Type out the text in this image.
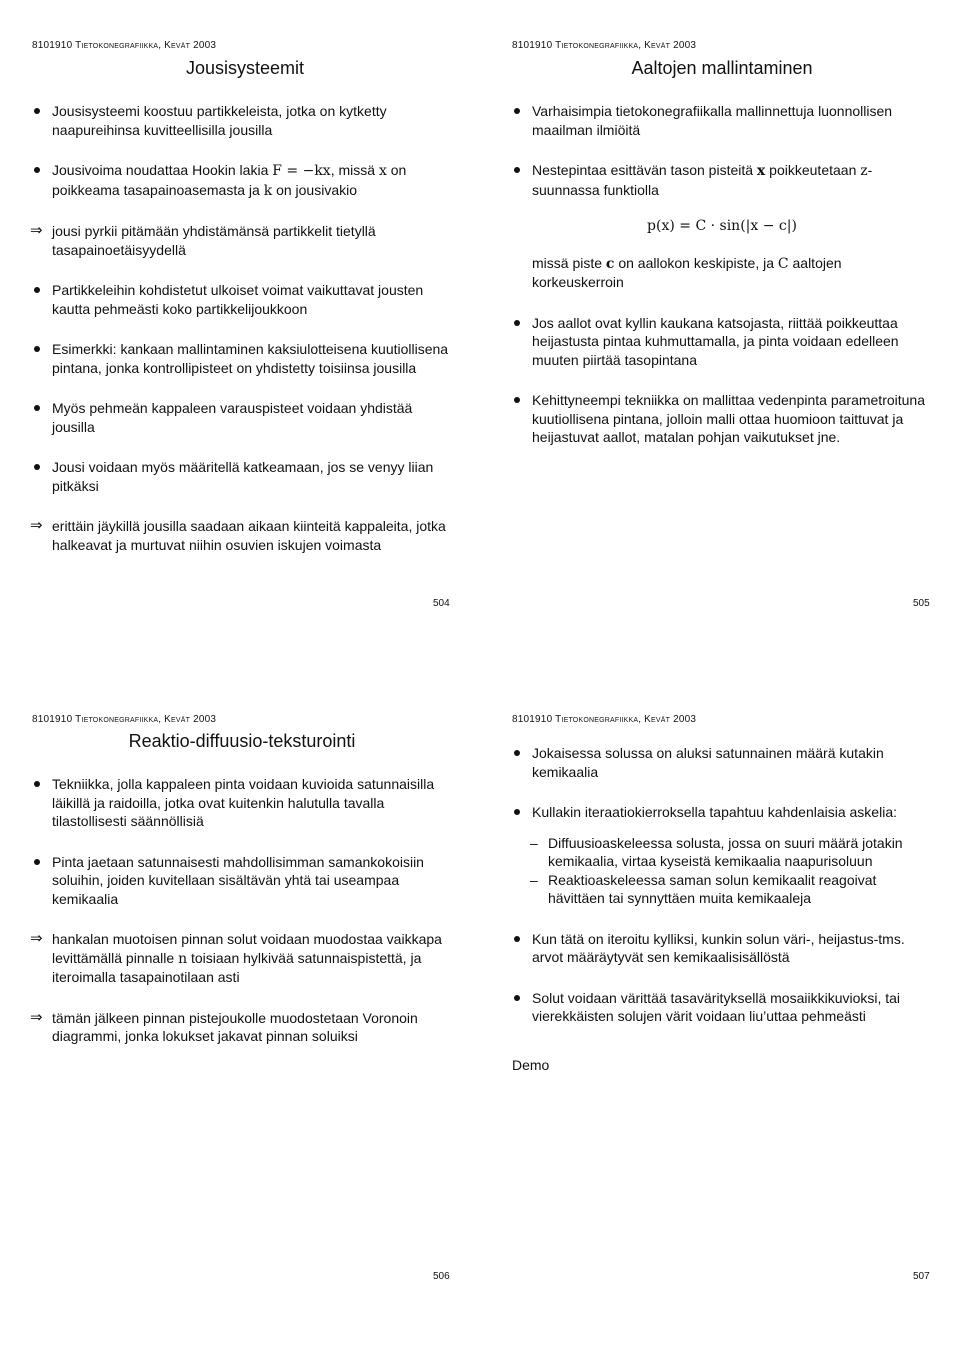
8101910 Tietokonegrafiikka, Kevät 2003
Jousisysteemit
Jousisysteemi koostuu partikkeleista, jotka on kytketty naapureihinsa kuvitteellisilla jousilla
Jousivoima noudattaa Hookin lakia F = −kx, missä x on poikkeama tasapainoasemasta ja k on jousivakio
⇒ jousi pyrkii pitämään yhdistämänsä partikkelit tietyllä tasapainoetäisyydellä
Partikkeleihin kohdistetut ulkoiset voimat vaikuttavat jousten kautta pehmeästi koko partikkelijoukkoon
Esimerkki: kankaan mallintaminen kaksiulotteisena kuutiollisena pintana, jonka kontrollipisteet on yhdistetty toisiinsa jousilla
Myös pehmeän kappaleen varauspisteet voidaan yhdistää jousilla
Jousi voidaan myös määritellä katkeamaan, jos se venyy liian pitkäksi
⇒ erittäin jäykillä jousilla saadaan aikaan kiinteitä kappaleita, jotka halkeavat ja murtuvat niihin osuvien iskujen voimasta
504
8101910 Tietokonegrafiikka, Kevät 2003
Aaltojen mallintaminen
Varhaisimpia tietokonegrafiikalla mallinnettuja luonnollisen maailman ilmiöitä
Nestepintaa esittävän tason pisteitä x poikkeutetaan z-suunnassa funktiolla
p(x) = C · sin(|x − c|)
missä piste c on aallokon keskipiste, ja C aaltojen korkeuskerroin
Jos aallot ovat kyllin kaukana katsojasta, riittää poikkeuttaa heijastusta pintaa kuhmuttamalla, ja pinta voidaan edelleen muuten piirtää tasopintana
Kehittyneempi tekniikka on mallittaa vedenpinta parametroituna kuutiollisena pintana, jolloin malli ottaa huomioon taittuvat ja heijastuvat aallot, matalan pohjan vaikutukset jne.
505
8101910 Tietokonegrafiikka, Kevät 2003
Reaktio-diffuusio-teksturointi
Tekniikka, jolla kappaleen pinta voidaan kuvioida satunnaisilla läikillä ja raidoilla, jotka ovat kuitenkin halutulla tavalla tilastollisesti säännöllisiä
Pinta jaetaan satunnaisesti mahdollisimman samankokoisiin soluihin, joiden kuvitellaan sisältävän yhtä tai useampaa kemikaalia
⇒ hankalan muotoisen pinnan solut voidaan muodostaa vaikkapa levittämällä pinnalle n toisiaan hylkivää satunnaispistettä, ja iteroimalla tasapainotilaan asti
⇒ tämän jälkeen pinnan pistejoukolle muodostetaan Voronoin diagrammi, jonka lokukset jakavat pinnan soluiksi
506
8101910 Tietokonegrafiikka, Kevät 2003
Jokaisessa solussa on aluksi satunnainen määrä kutakin kemikaalia
Kullakin iteraatiokierroksella tapahtuu kahdenlaisia askelia:
– Diffuusioaskeleessa solusta, jossa on suuri määrä jotakin kemikaalia, virtaa kyseistä kemikaalia naapurisoluun
– Reaktioaskeleessa saman solun kemikaalit reagoivat hävittäen tai synnyttäen muita kemikaaleja
Kun tätä on iteroitu kylliksi, kunkin solun väri-, heijastus-tms. arvot määräytyvät sen kemikaalisisällöstä
Solut voidaan värittää tasavärityksellä mosaiikkikuvioksi, tai vierekkäisten solujen värit voidaan liu’uttaa pehmeästi
Demo
507
